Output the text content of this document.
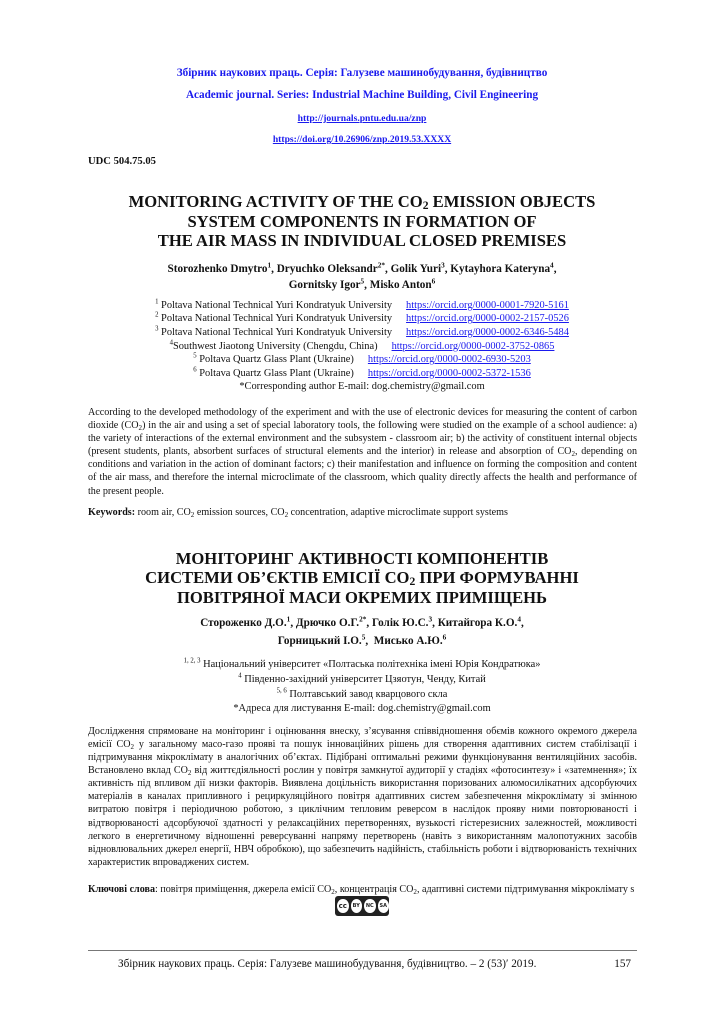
Збірник наукових праць. Серія: Галузеве машинобудування, будівництво
Academic journal. Series: Industrial Machine Building, Civil Engineering
http://journals.pntu.edu.ua/znp
https://doi.org/10.26906/znp.2019.53.XXXX
UDC 504.75.05
MONITORING ACTIVITY OF THE $CO_2$ EMISSION OBJECTS
SYSTEM COMPONENTS IN FORMATION OF
THE AIR MASS IN INDIVIDUAL CLOSED PREMISES
Storozhenko Dmytro$^1$, Dryuchko Oleksandr$^{2*}$, Golik Yuri$^3$, Kytayhora Kateryna$^4$,
Gornitsky Igor$^5$, Misko Anton$^6$
$^1$ Poltava National Technical Yuri Kondratyuk University https://orcid.org/0000-0001-7920-5161
$^2$ Poltava National Technical Yuri Kondratyuk University https://orcid.org/0000-0002-2157-0526
$^3$ Poltava National Technical Yuri Kondratyuk University https://orcid.org/0000-0002-6346-5484
$^4$Southwest Jiaotong University (Chengdu, China) https://orcid.org/0000-0002-3752-0865
$^5$ Poltava Quartz Glass Plant (Ukraine) https://orcid.org/0000-0002-6930-5203
$^6$ Poltava Quartz Glass Plant (Ukraine) https://orcid.org/0000-0002-5372-1536
*Corresponding author E-mail: dog.chemistry@gmail.com
According to the developed methodology of the experiment and with the use of electronic devices for measuring the content of carbon dioxide $(CO_2)$ in the air and using a set of special laboratory tools, the following were studied on the example of a school audience: a) the variety of interactions of the external environment and the subsystem - classroom air; b) the activity of constituent internal objects (present students, plants, absorbent surfaces of structural elements and the interior) in release and absorption of $CO_2$, depending on conditions and variation in the action of dominant factors; c) their manifestation and influence on forming the composition and content of the air mass, and therefore the internal microclimate of the classroom, which quality directly affects the health and performance of the present people.
Keywords: room air, $CO_2$ emission sources, $CO_2$ concentration, adaptive microclimate support systems
МОНІТОРИНГ АКТИВНОСТІ КОМПОНЕНТІВ
СИСТЕМИ ОБ’ЄКТІВ ЕМІСІЇ $CO_2$ ПРИ ФОРМУВАННІ
ПОВІТРЯНОЇ МАСИ ОКРЕМИХ ПРИМІЩЕНЬ
Стороженко Д.О.$^1$, Дрючко О.Г.$^{2*}$, Голік Ю.С.$^3$, Китайгора К.О.$^4$,
Горницький І.О.$^5$,  Мисько А.Ю.$^6$
$^{1, 2, 3}$ Національний університет «Полтаська політехніка імені Юрія Кондратюка»
$^4$ Південно-західний університет Цзяотун, Ченду, Китай
$^{5, 6}$ Полтавський завод кварцового скла
*Адреса для листування E-mail: dog.chemistry@gmail.com
Дослідження спрямоване на моніторинг і оцінювання внеску, з’ясування співвідношення обємів кожного окремого джерела емісії $CO_2$ у загальному масо-газо прояві та пошук інноваційних рішень для створення адаптивних систем стабілізації і підтримування мікроклімату в аналогічних об’єктах. Підібрані оптимальні режими функціонування вентиляційних засобів. Встановлено вклад $CO_2$ від життєдіяльності рослин у повітря замкнутої аудиторії у стадіях «фотосинтезу» і «затемнення»; їх активність під впливом дії низки факторів. Виявлена доцільність використання поризованих алюмосилікатних адсорбуючих матеріалів в каналах припливного і рециркуляційного повітря адаптивних систем забезпечення мікроклімату зі змінною витратою повітря і періодичною роботою, з циклічним тепловим реверсом в наслідок прояву ними повторюваності і відтворюваності адсорбуючої здатності у релаксаційних перетвореннях, вузькості гістерезисних залежностей, можливості легкого в енергетичному відношенні реверсуванні напряму перетворень (навіть з використанням малопотужних засобів відновлювальних джерел енергії, НВЧ обробкою), що забезпечить надійність, стабільність роботи і відтворюваність технічних характеристик впроваджених систем.
Ключові слова: повітря приміщення, джерела емісії $CO_2$, концентрація $CO_2$, адаптивні системи підтримування мікроклімату s
cc	BY	NC	SA
Збірник наукових праць. Серія: Галузеве машинобудування, будівництво. – 2 (53)′ 2019.	157
